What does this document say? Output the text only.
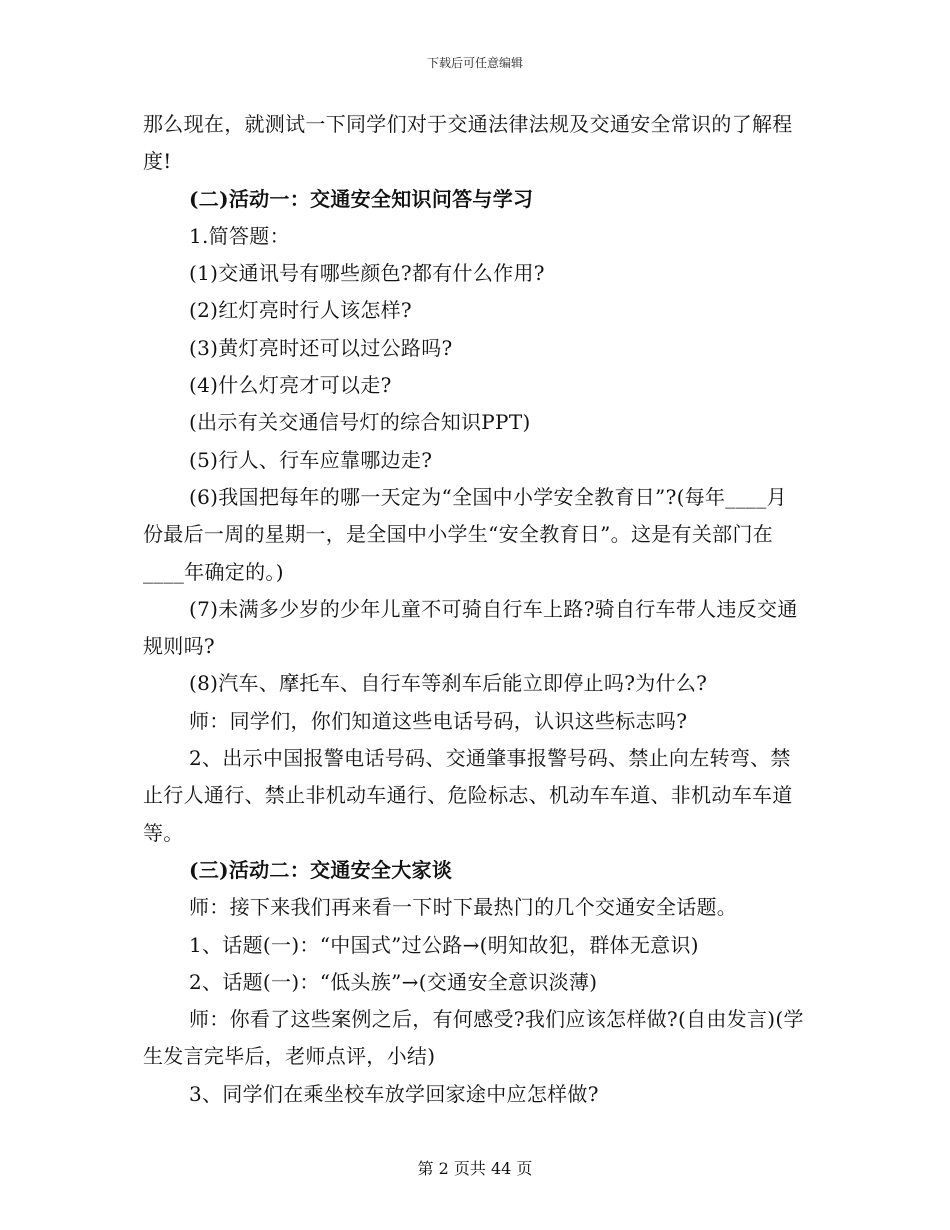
下载后可任意编辑

那么现在，就测试一下同学们对于交通法律法规及交通安全常识的了解程度!

(二)活动一：交通安全知识问答与学习

1.简答题：

(1)交通讯号有哪些颜色?都有什么作用?

(2)红灯亮时行人该怎样?

(3)黄灯亮时还可以过公路吗?

(4)什么灯亮才可以走?

(出示有关交通信号灯的综合知识PPT)

(5)行人、行车应靠哪边走?

(6)我国把每年的哪一天定为“全国中小学安全教育日”?(每年____月份最后一周的星期一，是全国中小学生“安全教育日”。这是有关部门在____年确定的。)

(7)未满多少岁的少年儿童不可骑自行车上路?骑自行车带人违反交通规则吗?

(8)汽车、摩托车、自行车等刹车后能立即停止吗?为什么?

师：同学们，你们知道这些电话号码，认识这些标志吗?

2、出示中国报警电话号码、交通肇事报警号码、禁止向左转弯、禁止行人通行、禁止非机动车通行、危险标志、机动车车道、非机动车车道等。

(三)活动二：交通安全大家谈

师：接下来我们再来看一下时下最热门的几个交通安全话题。

1、话题(一)：“中国式”过公路→(明知故犯，群体无意识)

2、话题(一)：“低头族”→(交通安全意识淡薄)

师：你看了这些案例之后，有何感受?我们应该怎样做?(自由发言)(学生发言完毕后，老师点评，小结)

3、同学们在乘坐校车放学回家途中应怎样做?

第 2 页共 44 页
